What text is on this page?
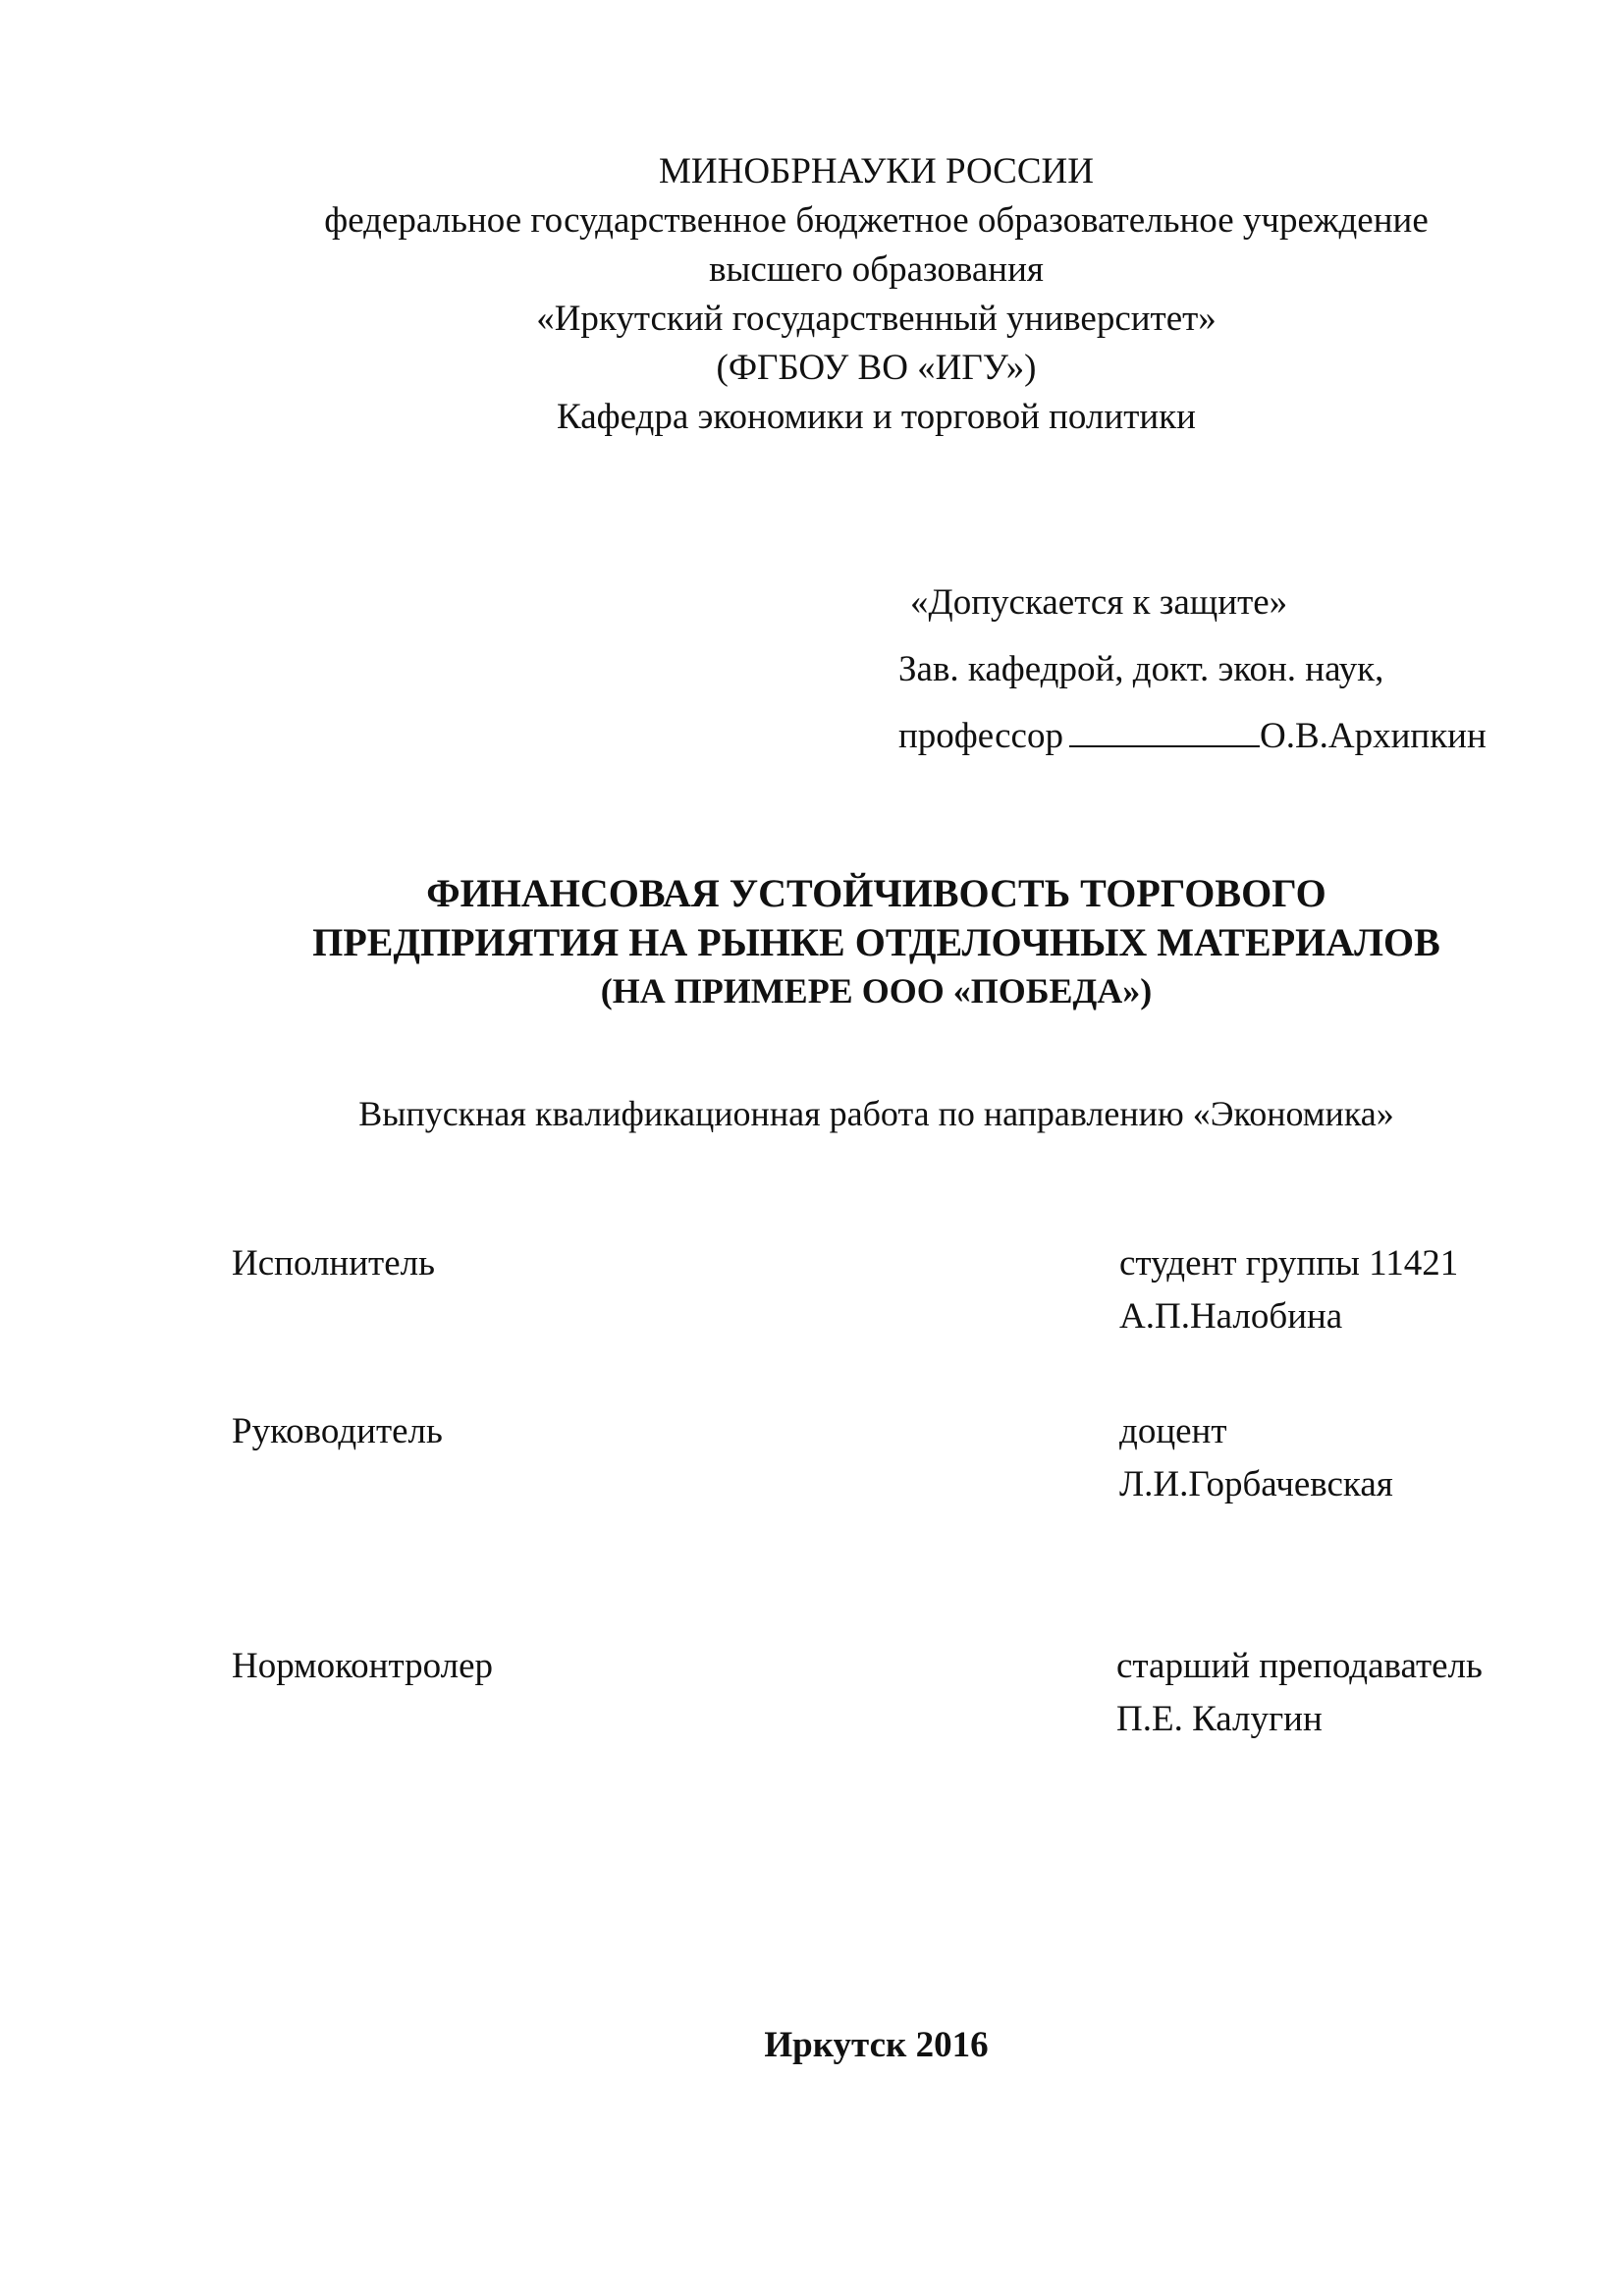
МИНОБРНАУКИ РОССИИ
федеральное государственное бюджетное образовательное учреждение
высшего образования
«Иркутский государственный университет»
(ФГБОУ ВО «ИГУ»)
Кафедра экономики и торговой политики
«Допускается к защите»
Зав. кафедрой, докт. экон. наук,
профессор	О.В.Архипкин
ФИНАНСОВАЯ УСТОЙЧИВОСТЬ ТОРГОВОГО
ПРЕДПРИЯТИЯ НА РЫНКЕ ОТДЕЛОЧНЫХ МАТЕРИАЛОВ
(НА ПРИМЕРЕ ООО «ПОБЕДА»)
Выпускная квалификационная работа по направлению «Экономика»
Исполнитель	студент группы 11421
А.П.Налобина
Руководитель	доцент
Л.И.Горбачевская
Нормоконтролер	старший преподаватель
П.Е. Калугин
Иркутск 2016
